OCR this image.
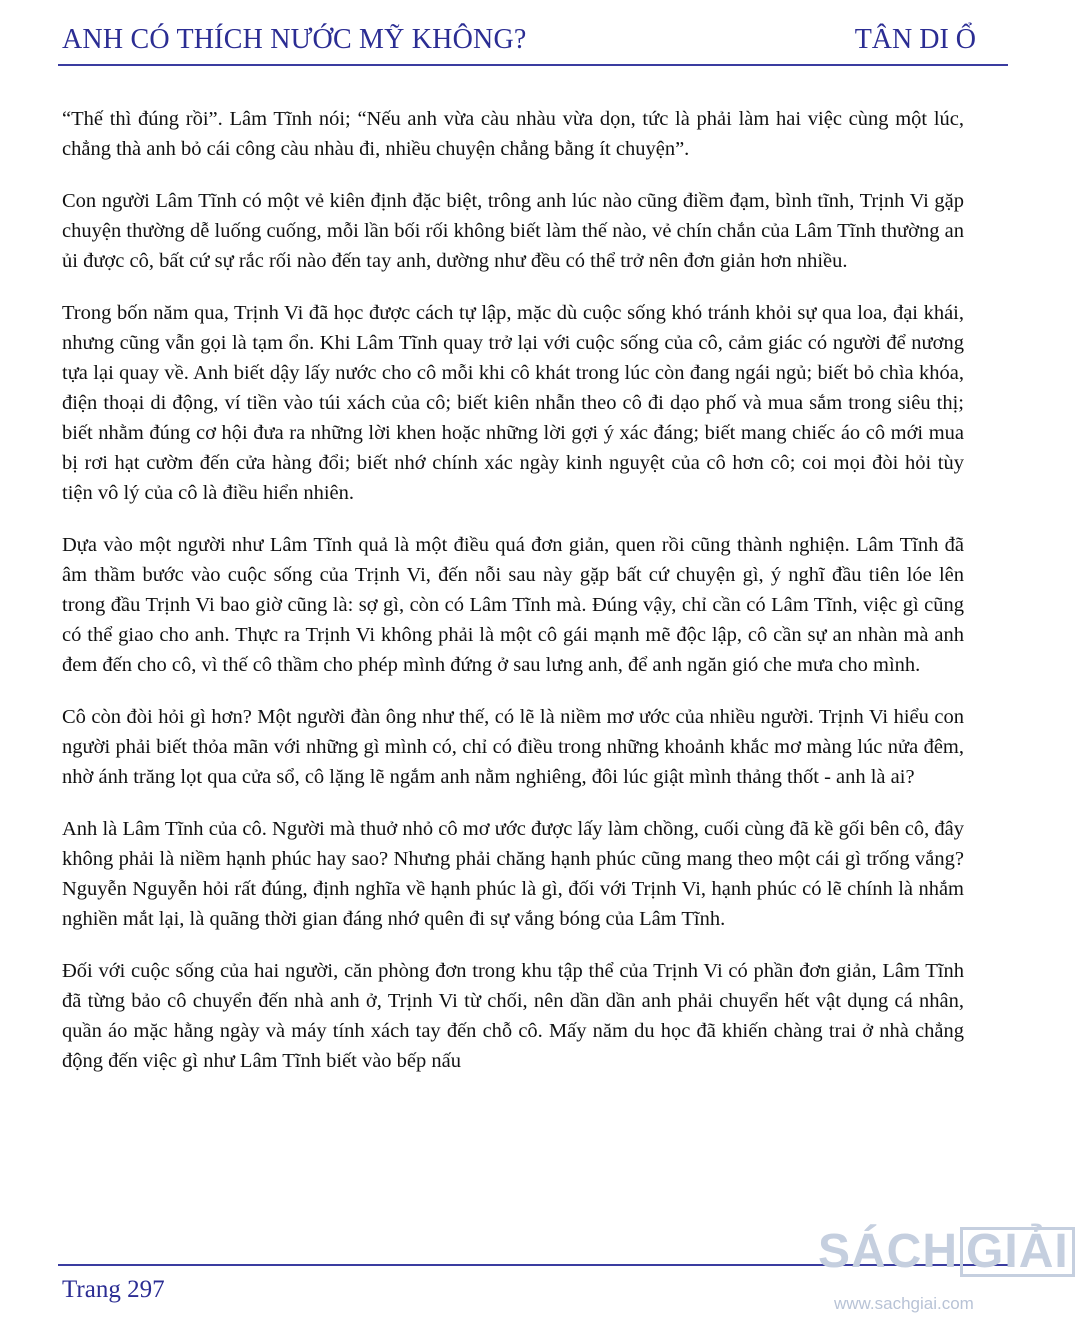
ANH CÓ THÍCH NƯỚC MỸ KHÔNG?	TÂN DI Ổ

“Thế thì đúng rồi”. Lâm Tĩnh nói; “Nếu anh vừa càu nhàu vừa dọn, tức là phải làm hai việc cùng một lúc, chẳng thà anh bỏ cái công càu nhàu đi, nhiều chuyện chẳng bằng ít chuyện”.

Con người Lâm Tĩnh có một vẻ kiên định đặc biệt, trông anh lúc nào cũng điềm đạm, bình tĩnh, Trịnh Vi gặp chuyện thường dễ luống cuống, mỗi lần bối rối không biết làm thế nào, vẻ chín chắn của Lâm Tĩnh thường an ủi được cô, bất cứ sự rắc rối nào đến tay anh, dường như đều có thể trở nên đơn giản hơn nhiều.

Trong bốn năm qua, Trịnh Vi đã học được cách tự lập, mặc dù cuộc sống khó tránh khỏi sự qua loa, đại khái, nhưng cũng vẫn gọi là tạm ổn. Khi Lâm Tĩnh quay trở lại với cuộc sống của cô, cảm giác có người để nương tựa lại quay về. Anh biết dậy lấy nước cho cô mỗi khi cô khát trong lúc còn đang ngái ngủ; biết bỏ chìa khóa, điện thoại di động, ví tiền vào túi xách của cô; biết kiên nhẫn theo cô đi dạo phố và mua sắm trong siêu thị; biết nhằm đúng cơ hội đưa ra những lời khen hoặc những lời gợi ý xác đáng; biết mang chiếc áo cô mới mua bị rơi hạt cườm đến cửa hàng đổi; biết nhớ chính xác ngày kinh nguyệt của cô hơn cô; coi mọi đòi hỏi tùy tiện vô lý của cô là điều hiển nhiên.

Dựa vào một người như Lâm Tĩnh quả là một điều quá đơn giản, quen rồi cũng thành nghiện. Lâm Tĩnh đã âm thầm bước vào cuộc sống của Trịnh Vi, đến nỗi sau này gặp bất cứ chuyện gì, ý nghĩ đầu tiên lóe lên trong đầu Trịnh Vi bao giờ cũng là: sợ gì, còn có Lâm Tĩnh mà. Đúng vậy, chỉ cần có Lâm Tĩnh, việc gì cũng có thể giao cho anh. Thực ra Trịnh Vi không phải là một cô gái mạnh mẽ độc lập, cô cần sự an nhàn mà anh đem đến cho cô, vì thế cô thầm cho phép mình đứng ở sau lưng anh, để anh ngăn gió che mưa cho mình.

Cô còn đòi hỏi gì hơn? Một người đàn ông như thế, có lẽ là niềm mơ ước của nhiều người. Trịnh Vi hiểu con người phải biết thỏa mãn với những gì mình có, chỉ có điều trong những khoảnh khắc mơ màng lúc nửa đêm, nhờ ánh trăng lọt qua cửa sổ, cô lặng lẽ ngắm anh nằm nghiêng, đôi lúc giật mình thảng thốt - anh là ai?

Anh là Lâm Tĩnh của cô. Người mà thuở nhỏ cô mơ ước được lấy làm chồng, cuối cùng đã kề gối bên cô, đây không phải là niềm hạnh phúc hay sao? Nhưng phải chăng hạnh phúc cũng mang theo một cái gì trống vắng? Nguyễn Nguyễn hỏi rất đúng, định nghĩa về hạnh phúc là gì, đối với Trịnh Vi, hạnh phúc có lẽ chính là nhắm nghiền mắt lại, là quãng thời gian đáng nhớ quên đi sự vắng bóng của Lâm Tĩnh.

Đối với cuộc sống của hai người, căn phòng đơn trong khu tập thể của Trịnh Vi có phần đơn giản, Lâm Tĩnh đã từng bảo cô chuyển đến nhà anh ở, Trịnh Vi từ chối, nên dần dần anh phải chuyển hết vật dụng cá nhân, quần áo mặc hằng ngày và máy tính xách tay đến chỗ cô. Mấy năm du học đã khiến chàng trai ở nhà chẳng động đến việc gì như Lâm Tĩnh biết vào bếp nấu

Trang 297
SÁCH GIẢI
www.sachgiai.com
